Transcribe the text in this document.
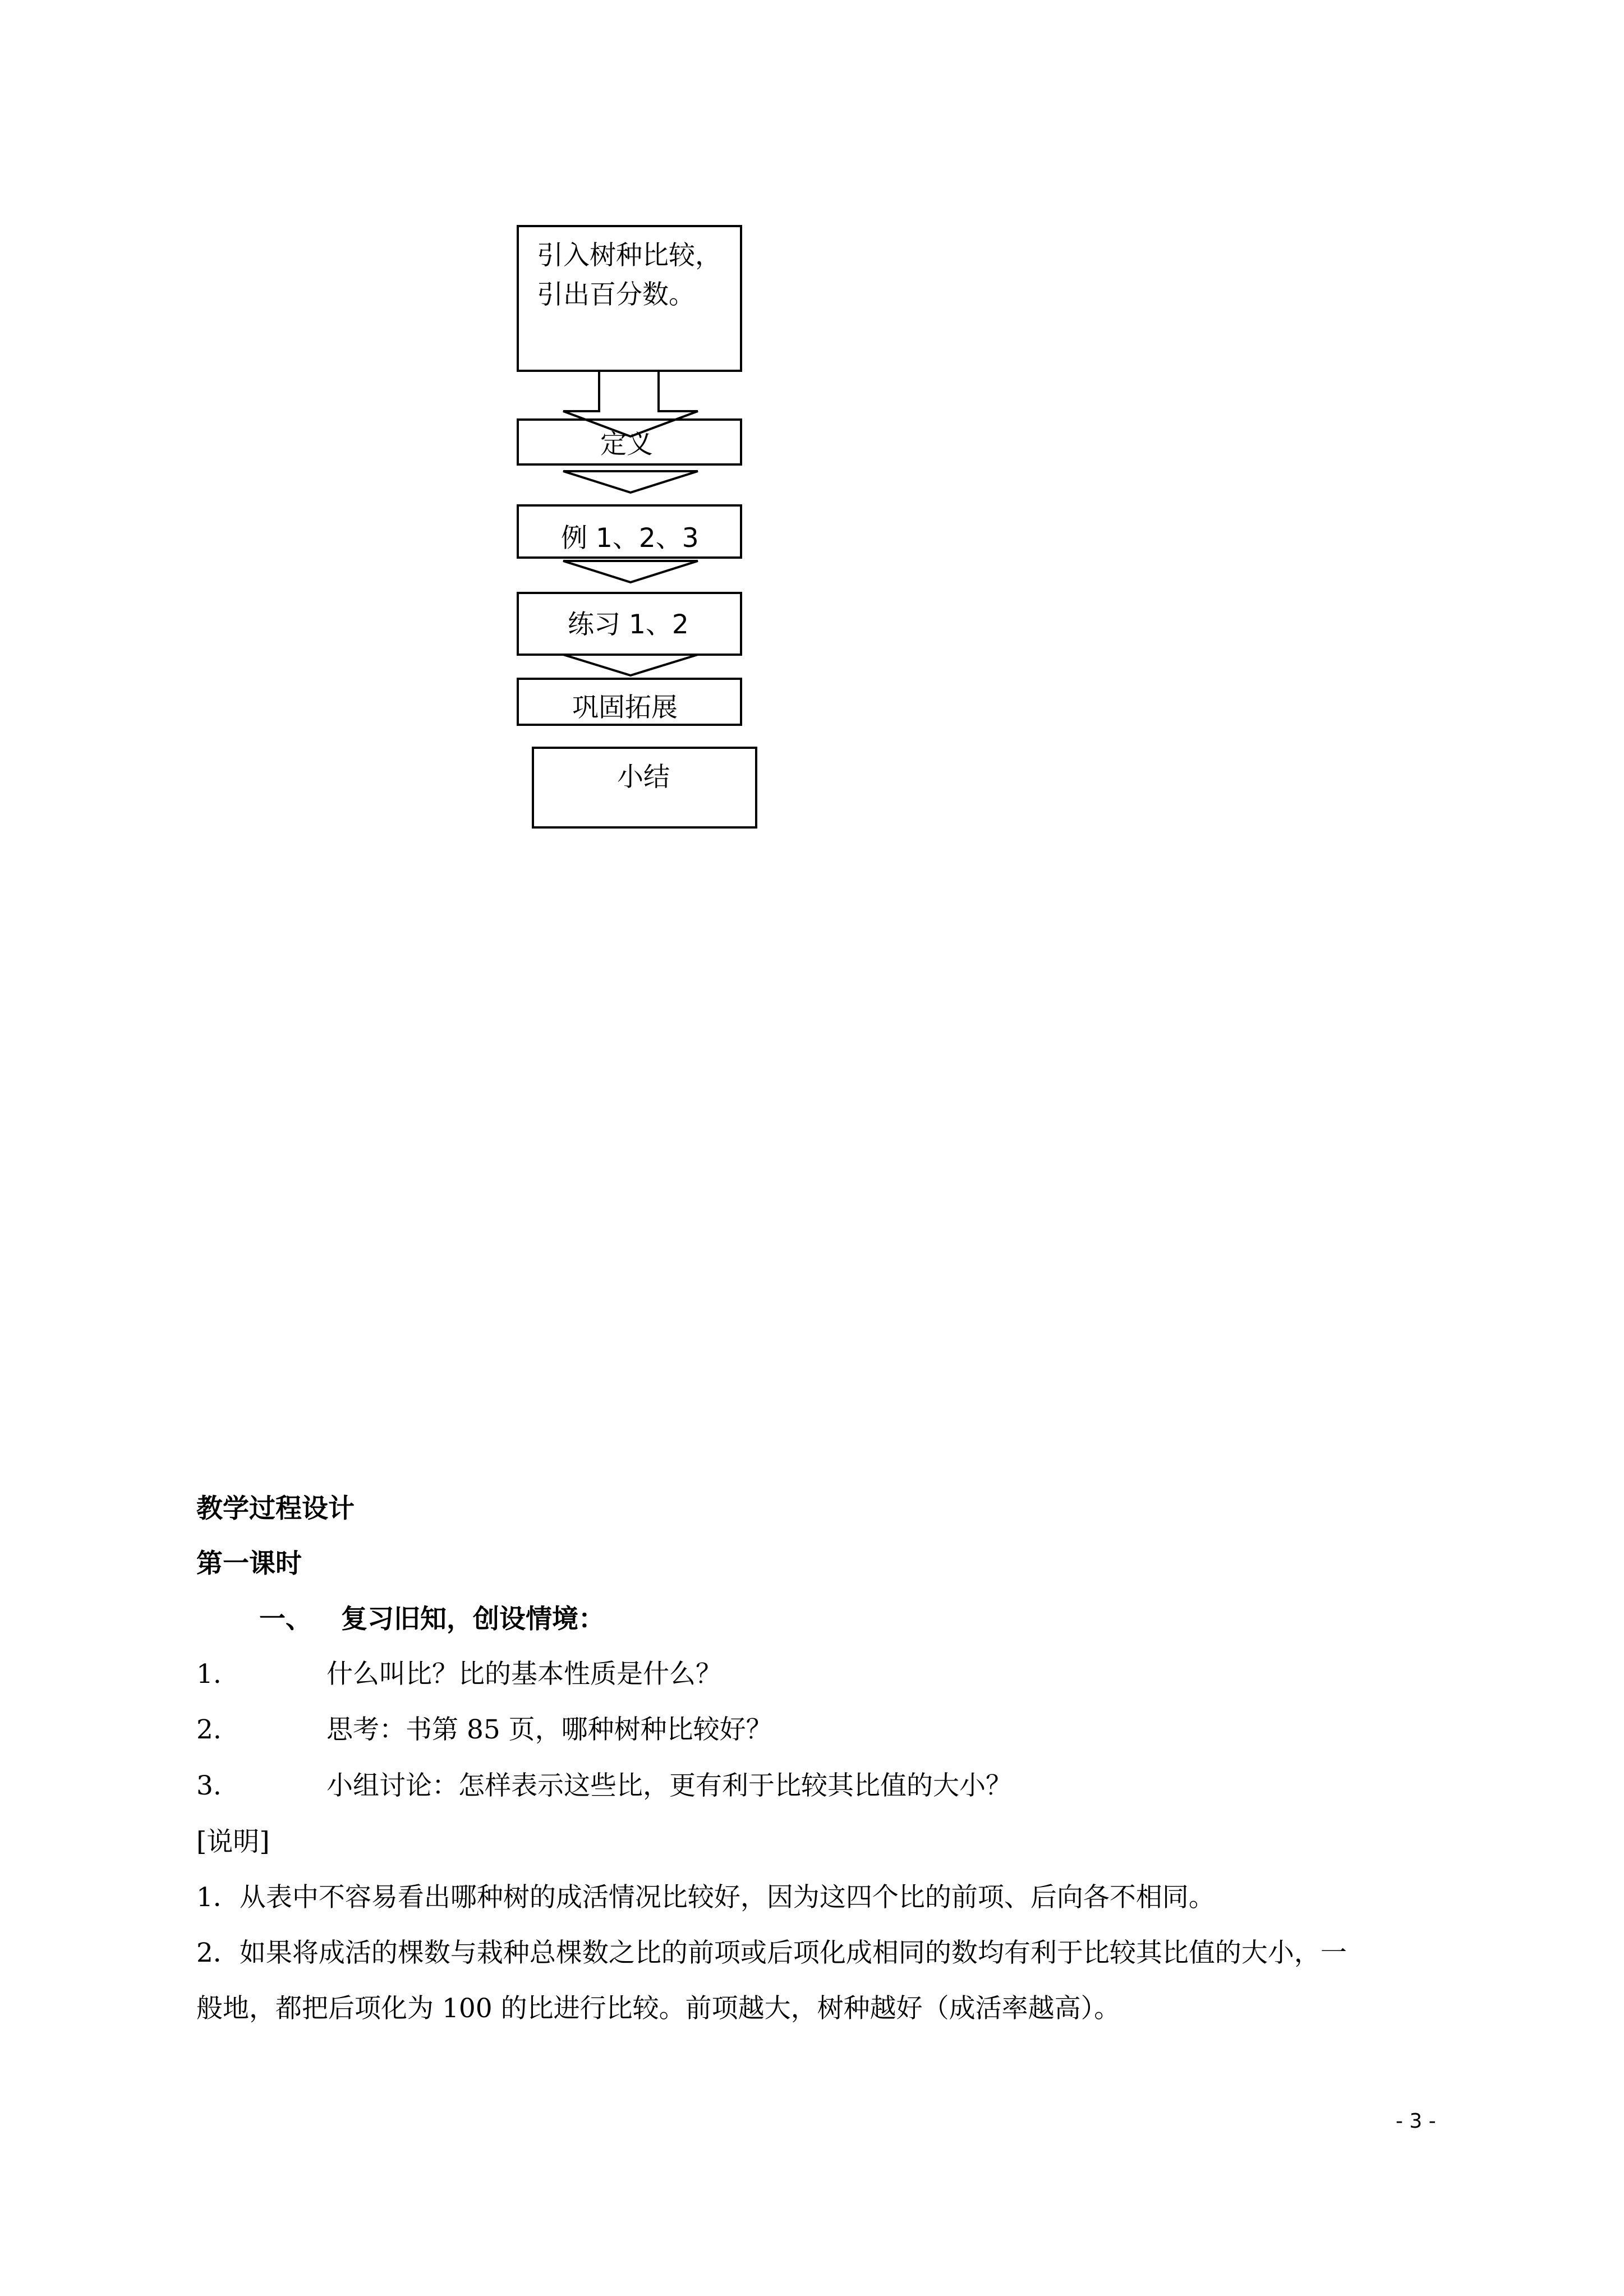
引入树种比较，
引出百分数。
定义
例 1、2、3
练习 1、2
巩固拓展
小结
教学过程设计
第一课时
一、 复习旧知，创设情境：
1.	什么叫比？比的基本性质是什么？
2.	思考：书第 85 页，哪种树种比较好？
3.	小组讨论：怎样表示这些比，更有利于比较其比值的大小？
[说明]
1．从表中不容易看出哪种树的成活情况比较好，因为这四个比的前项、后向各不相同。
2．如果将成活的棵数与栽种总棵数之比的前项或后项化成相同的数均有利于比较其比值的大小，一
般地，都把后项化为 100 的比进行比较。前项越大，树种越好（成活率越高）。
- 3 -
